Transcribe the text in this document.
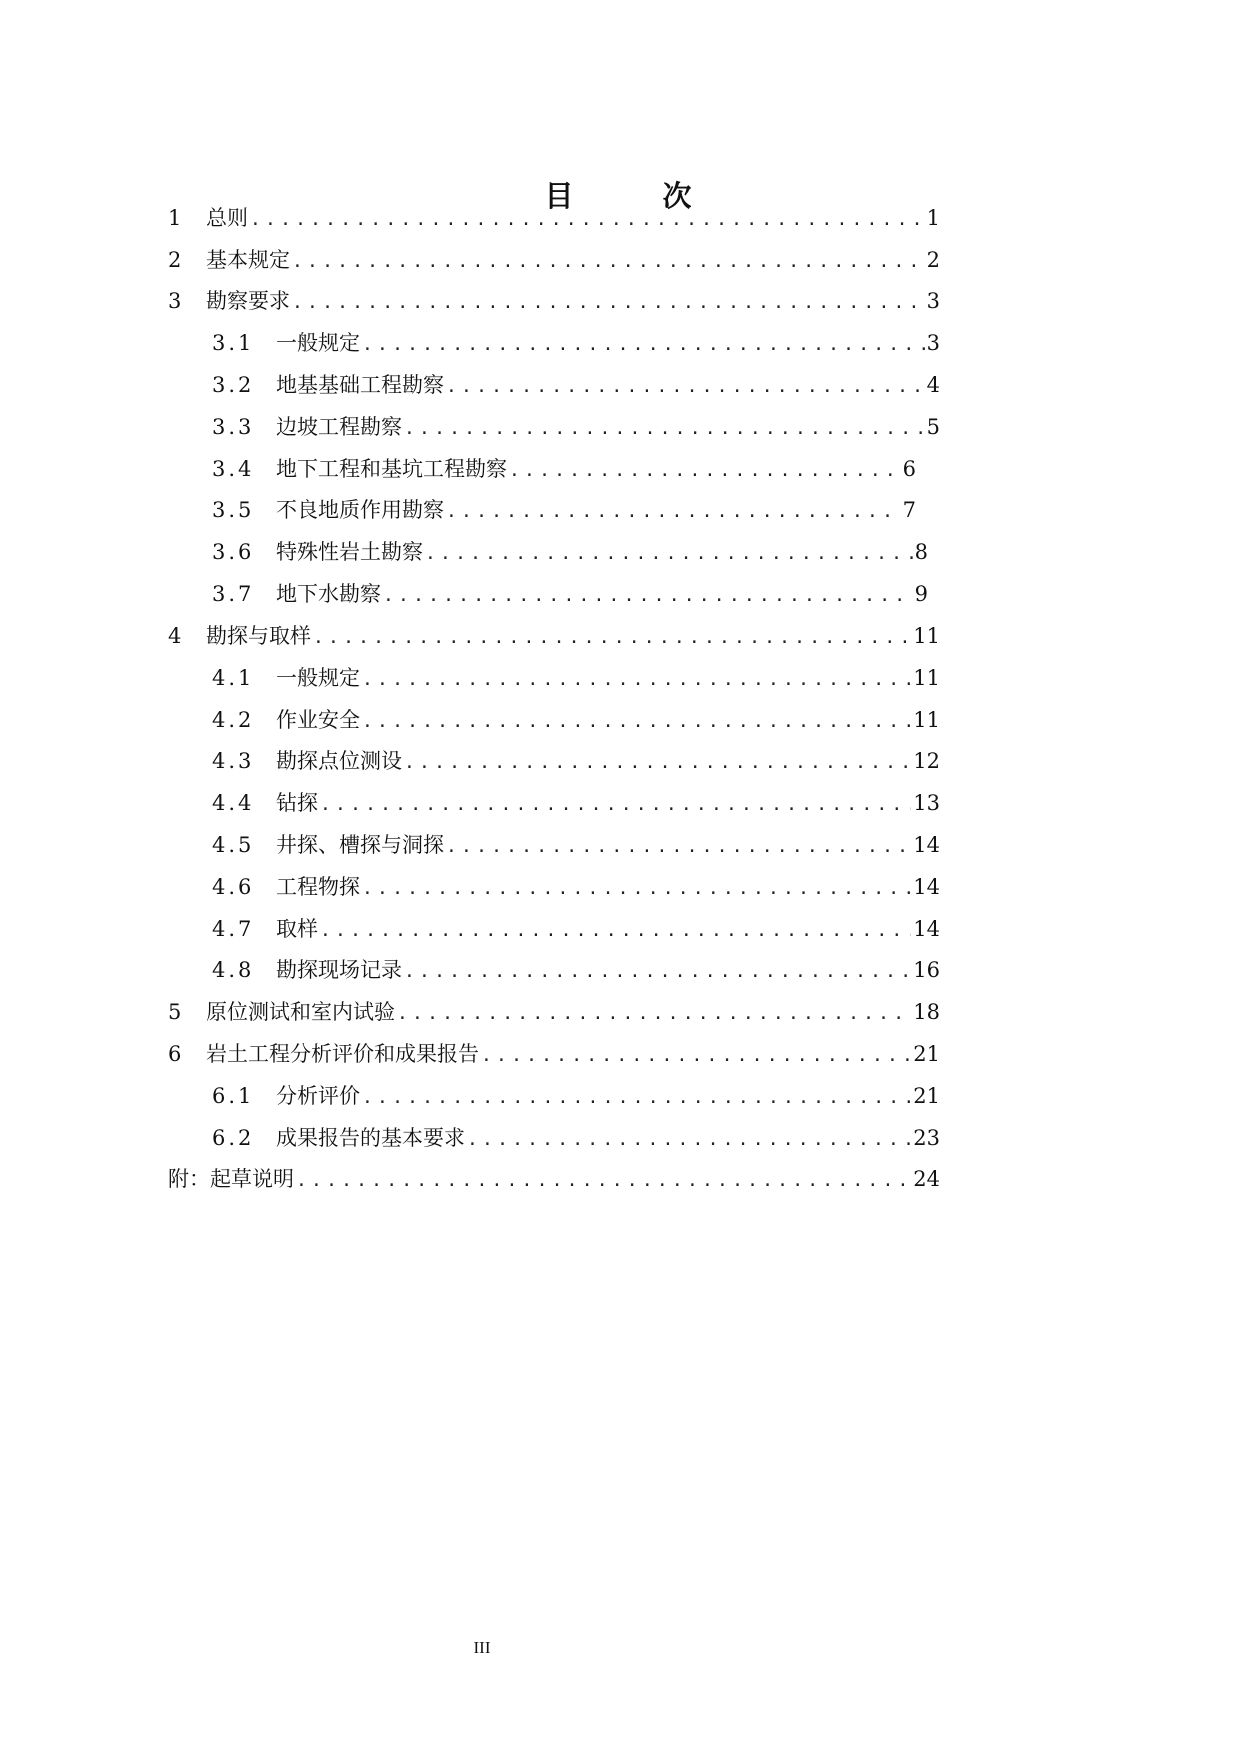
目　次
1	总则 .....	1
2	基本规定 .....	2
3	勘察要求 .....	3
3.1	一般规定 .....	3
3.2	地基基础工程勘察 .....	4
3.3	边坡工程勘察 .....	5
3.4	地下工程和基坑工程勘察 .....	6
3.5	不良地质作用勘察 .....	7
3.6	特殊性岩土勘察 .....	8
3.7	地下水勘察 .....	9
4	勘探与取样 .....	11
4.1	一般规定 .....	11
4.2	作业安全 .....	11
4.3	勘探点位测设 .....	12
4.4	钻探 .....	13
4.5	井探、槽探与洞探 .....	14
4.6	工程物探 .....	14
4.7	取样 .....	14
4.8	勘探现场记录 .....	16
5	原位测试和室内试验 .....	18
6	岩土工程分析评价和成果报告 .....	21
6.1	分析评价 .....	21
6.2	成果报告的基本要求 .....	23
附：起草说明 .....	24
III
